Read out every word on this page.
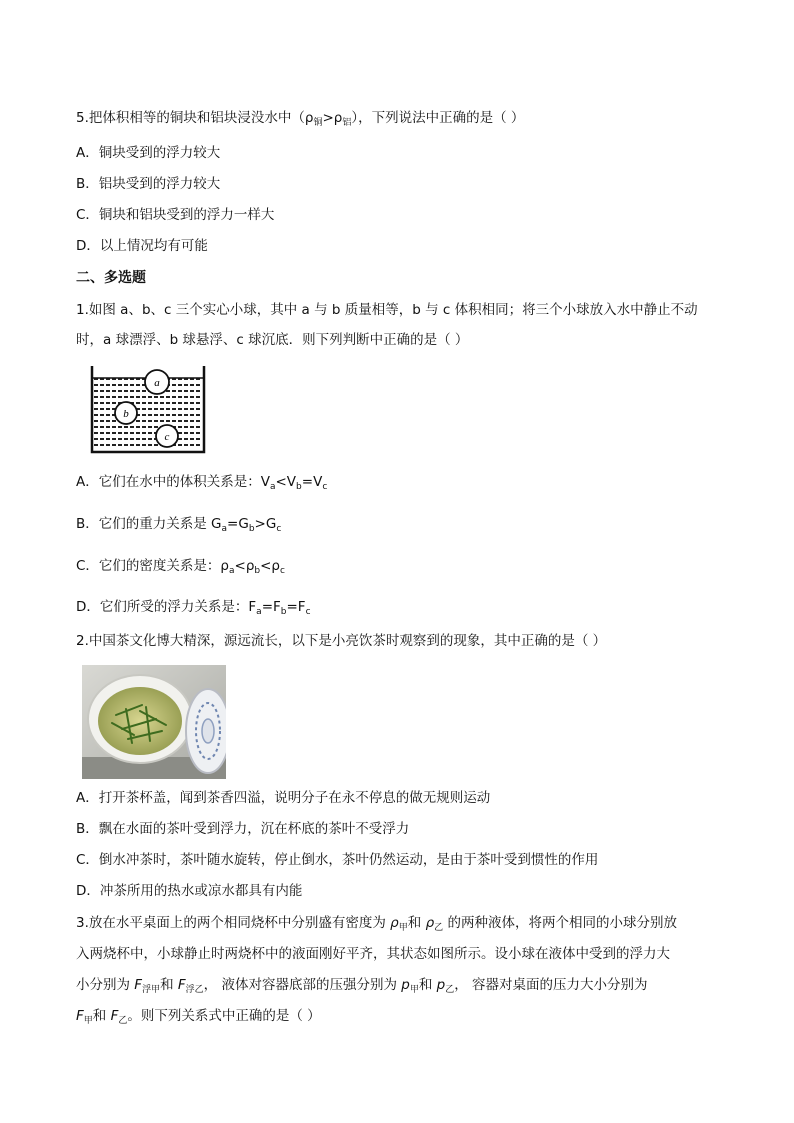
5.把体积相等的铜块和铝块浸没水中$(\rho_铜>\rho_铝)$，下列说法中正确的是（ ）
A．铜块受到的浮力较大
B．铝块受到的浮力较大
C．铜块和铝块受到的浮力一样大
D．以上情况均有可能
二、多选题
1.如图 a、b、c 三个实心小球，其中 a 与 b 质量相等，b 与 c 体积相同；将三个小球放入水中静止不动
时，a 球漂浮、b 球悬浮、c 球沉底．则下列判断中正确的是（ ）
a
b
c
A．它们在水中的体积关系是：$V_a<V_b=V_c$
B．它们的重力关系是 $G_a=G_b>G_c$
C．它们的密度关系是：$\rho_a<\rho_b<\rho_c$
D．它们所受的浮力关系是：$F_a=F_b=F_c$
2.中国茶文化博大精深，源远流长，以下是小亮饮茶时观察到的现象，其中正确的是（ ）
A．打开茶杯盖，闻到茶香四溢，说明分子在永不停息的做无规则运动
B．飘在水面的茶叶受到浮力，沉在杯底的茶叶不受浮力
C．倒水冲茶时，茶叶随水旋转，停止倒水，茶叶仍然运动，是由于茶叶受到惯性的作用
D．冲茶所用的热水或凉水都具有内能
3.放在水平桌面上的两个相同烧杯中分别盛有密度为 $\rho_甲$和 $\rho_乙$ 的两种液体，将两个相同的小球分别放
入两烧杯中，小球静止时两烧杯中的液面刚好平齐，其状态如图所示。设小球在液体中受到的浮力大
小分别为 $F_{浮甲}$和 $F_{浮乙}$， 液体对容器底部的压强分别为 $p_甲$和 $p_乙$， 容器对桌面的压力大小分别为
$F_甲$和 $F_乙$。则下列关系式中正确的是（ ）
